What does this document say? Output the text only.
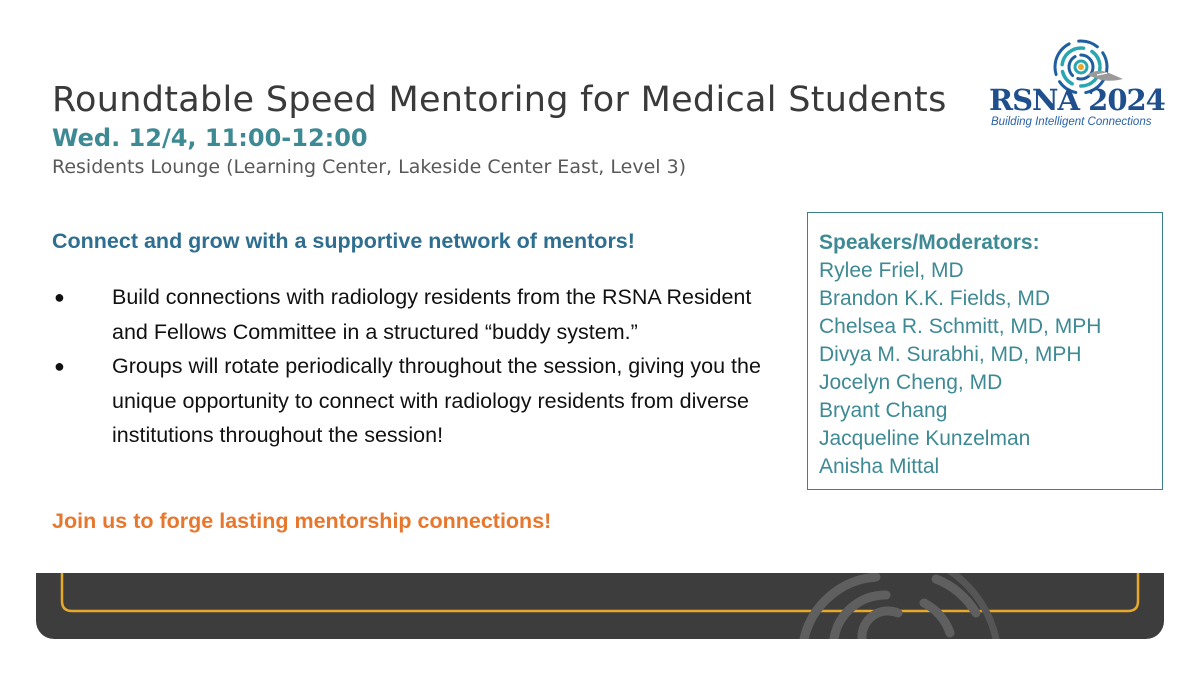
Roundtable Speed Mentoring for Medical Students
Wed. 12/4, 11:00-12:00
Residents Lounge (Learning Center, Lakeside Center East, Level 3)
RSNA 2024
Building Intelligent Connections
Connect and grow with a supportive network of mentors!
● Build connections with radiology residents from the RSNA Resident and Fellows Committee in a structured “buddy system.”
● Groups will rotate periodically throughout the session, giving you the unique opportunity to connect with radiology residents from diverse institutions throughout the session!
Join us to forge lasting mentorship connections!
Speakers/Moderators:
Rylee Friel, MD
Brandon K.K. Fields, MD
Chelsea R. Schmitt, MD, MPH
Divya M. Surabhi, MD, MPH
Jocelyn Cheng, MD
Bryant Chang
Jacqueline Kunzelman
Anisha Mittal
